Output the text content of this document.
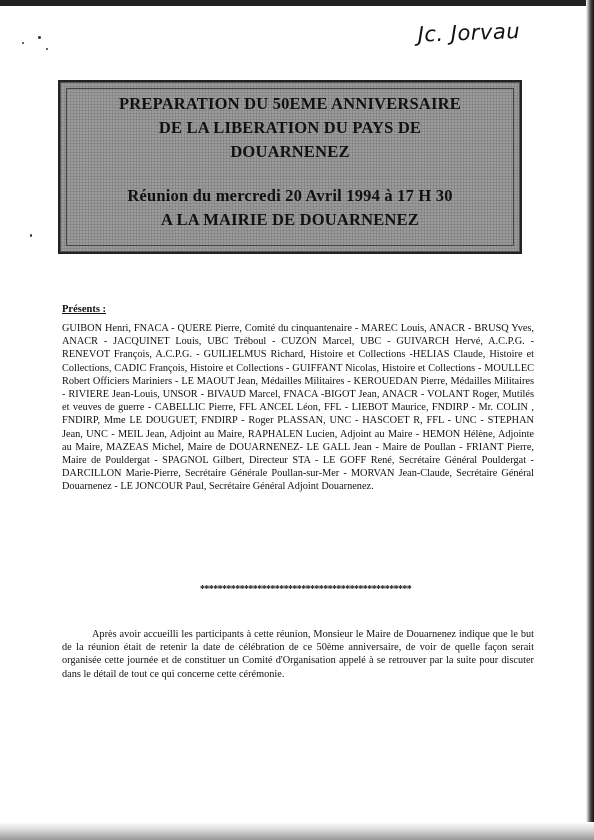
Jc. Jorvau
PREPARATION DU 50EME ANNIVERSAIRE
DE LA LIBERATION DU PAYS DE
DOUARNENEZ
Réunion du mercredi 20 Avril 1994 à 17 H 30
A LA MAIRIE DE DOUARNENEZ
Présents :
GUIBON Henri, FNACA - QUERE Pierre, Comité du cinquantenaire - MAREC Louis, ANACR - BRUSQ Yves, ANACR - JACQUINET Louis, UBC Tréboul - CUZON Marcel, UBC - GUIVARCH Hervé, A.C.P.G. - RENEVOT François, A.C.P.G. - GUILIELMUS Richard, Histoire et Collections -HELIAS Claude, Histoire et Collections, CADIC François, Histoire et Collections - GUIFFANT Nicolas, Histoire et Collections - MOULLEC Robert Officiers Mariniers - LE MAOUT Jean, Médailles Militaires - KEROUEDAN Pierre, Médailles Militaires - RIVIERE Jean-Louis, UNSOR - BIVAUD Marcel, FNACA -BIGOT Jean, ANACR - VOLANT Roger, Mutilés et veuves de guerre - CABELLIC Pierre, FFL ANCEL Léon, FFL - LIEBOT Maurice, FNDIRP - Mr. COLIN , FNDIRP, Mme LE DOUGUET, FNDIRP - Roger PLASSAN, UNC - HASCOET R, FFL - UNC - STEPHAN Jean, UNC - MEIL Jean, Adjoint au Maire, RAPHALEN Lucien, Adjoint au Maire - HEMON Hélène, Adjointe au Maire, MAZEAS Michel, Maire de DOUARNENEZ- LE GALL Jean - Maire de Poullan - FRIANT Pierre, Maire de Pouldergat - SPAGNOL Gilbert, Directeur STA - LE GOFF René, Secrétaire Général Pouldergat - DARCILLON Marie-Pierre, Secrétaire Générale Poullan-sur-Mer - MORVAN Jean-Claude, Secrétaire Général Douarnenez - LE JONCOUR Paul, Secrétaire Général Adjoint Douarnenez.
************************************************
Après avoir accueilli les participants à cette réunion, Monsieur le Maire de Douarnenez indique que le but de la réunion était de retenir la date de célébration de ce 50ème anniversaire, de voir de quelle façon serait organisée cette journée et de constituer un Comité d'Organisation appelé à se retrouver par la suite pour discuter dans le détail de tout ce qui concerne cette cérémonie.
